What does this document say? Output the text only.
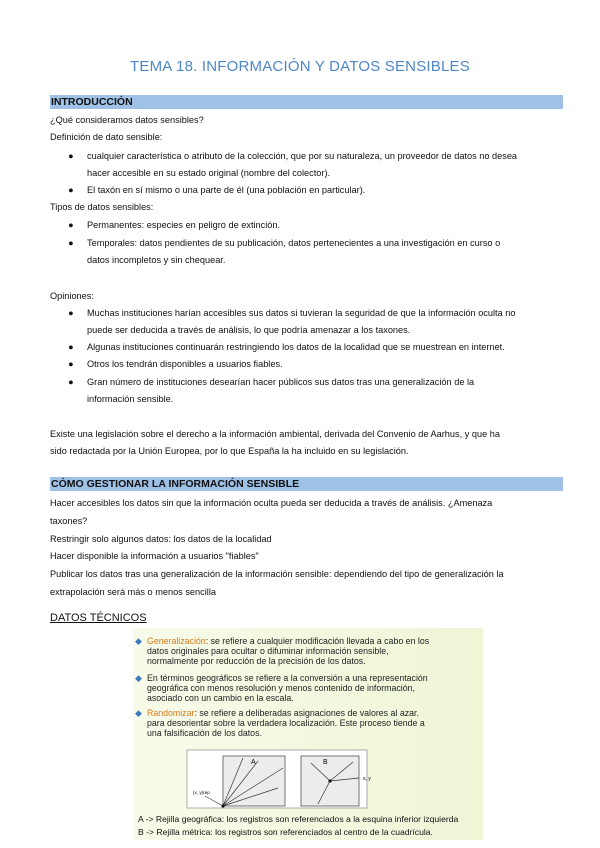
TEMA 18. INFORMACIÓN Y DATOS SENSIBLES
INTRODUCCIÓN
¿Qué consideramos datos sensibles?
Definición de dato sensible:
● cualquier característica o atributo de la colección, que por su naturaleza, un proveedor de datos no desea
hacer accesible en su estado original (nombre del colector).
● El taxón en sí mismo o una parte de él (una población en particular).
Tipos de datos sensibles:
● Permanentes: especies en peligro de extinción.
● Temporales: datos pendientes de su publicación, datos pertenecientes a una investigación en curso o
datos incompletos y sin chequear.
Opiniones:
● Muchas instituciones harían accesibles sus datos si tuvieran la seguridad de que la información oculta no
puede ser deducida a través de análisis, lo que podría amenazar a los taxones.
● Algunas instituciones continuarán restringiendo los datos de la localidad que se muestrean en internet.
● Otros los tendrán disponibles a usuarios fiables.
● Gran número de instituciones desearían hacer públicos sus datos tras una generalización de la
información sensible.
Existe una legislación sobre el derecho a la información ambiental, derivada del Convenio de Aarhus, y que ha
sido redactada por la Unión Europea, por lo que España la ha incluido en su legislación.
CÓMO GESTIONAR LA INFORMACIÓN SENSIBLE
Hacer accesibles los datos sin que la información oculta pueda ser deducida a través de análisis. ¿Amenaza
taxones?
Restringir solo algunos datos: los datos de la localidad
Hacer disponible la información a usuarios "fiables"
Publicar los datos tras una generalización de la información sensible: dependiendo del tipo de generalización la
extrapolación será más o menos sencilla
DATOS TÉCNICOS
◆ Generalización: se refiere a cualquier modificación llevada a cabo en los
datos originales para ocultar o difuminar información sensible,
normalmente por reducción de la precisión de los datos.
◆ En términos geográficos se refiere a la conversión a una representación
geográfica con menos resolución y menos contenido de información,
asociado con un cambio en la escala.
◆ Randomizar: se refiere a deliberadas asignaciones de valores al azar.
para desorientar sobre la verdadera localización. Este proceso tiende a
una falsificación de los datos.
A
(x, y)rep
B
x, y
A -> Rejilla geográfica: los registros son referenciados a la esquina inferior izquierda
B -> Rejilla métrica: los registros son referenciados al centro de la cuadrícula.
